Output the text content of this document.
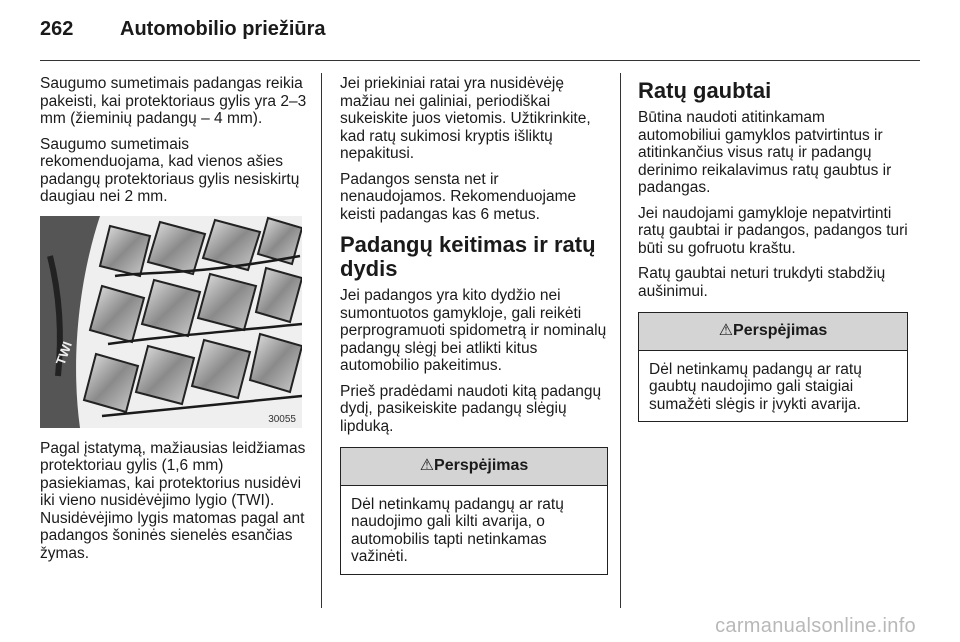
262	Automobilio priežiūra

Saugumo sumetimais padangas reikia pakeisti, kai protektoriaus gylis yra 2–3 mm (žieminių padangų – 4 mm).

Saugumo sumetimais rekomenduojama, kad vienos ašies padangų protektoriaus gylis nesiskirtų daugiau nei 2 mm.

TWI
30055

Pagal įstatymą, mažiausias leidžiamas protektoriau gylis (1,6 mm) pasiekiamas, kai protektorius nusidėvi iki vieno nusidėvėjimo lygio (TWI). Nusidėvėjimo lygis matomas pagal ant padangos šoninės sienelės esančias žymas.

Jei priekiniai ratai yra nusidėvėję mažiau nei galiniai, periodiškai sukeiskite juos vietomis. Užtikrinkite, kad ratų sukimosi kryptis išliktų nepakitusi.

Padangos sensta net ir nenaudojamos. Rekomenduojame keisti padangas kas 6 metus.

Padangų keitimas ir ratų dydis

Jei padangos yra kito dydžio nei sumontuotos gamykloje, gali reikėti perprogramuoti spidometrą ir nominalų padangų slėgį bei atlikti kitus automobilio pakeitimus.

Prieš pradėdami naudoti kitą padangų dydį, pasikeiskite padangų slėgių lipduką.

⚠Perspėjimas
Dėl netinkamų padangų ar ratų naudojimo gali kilti avarija, o automobilis tapti netinkamas važinėti.
Ratų gaubtai

Būtina naudoti atitinkamam automobiliui gamyklos patvirtintus ir atitinkančius visus ratų ir padangų derinimo reikalavimus ratų gaubtus ir padangas.

Jei naudojami gamykloje nepatvirtinti ratų gaubtai ir padangos, padangos turi būti su gofruotu kraštu.

Ratų gaubtai neturi trukdyti stabdžių aušinimui.

⚠Perspėjimas
Dėl netinkamų padangų ar ratų gaubtų naudojimo gali staigiai sumažėti slėgis ir įvykti avarija.
carmanualsonline.info
